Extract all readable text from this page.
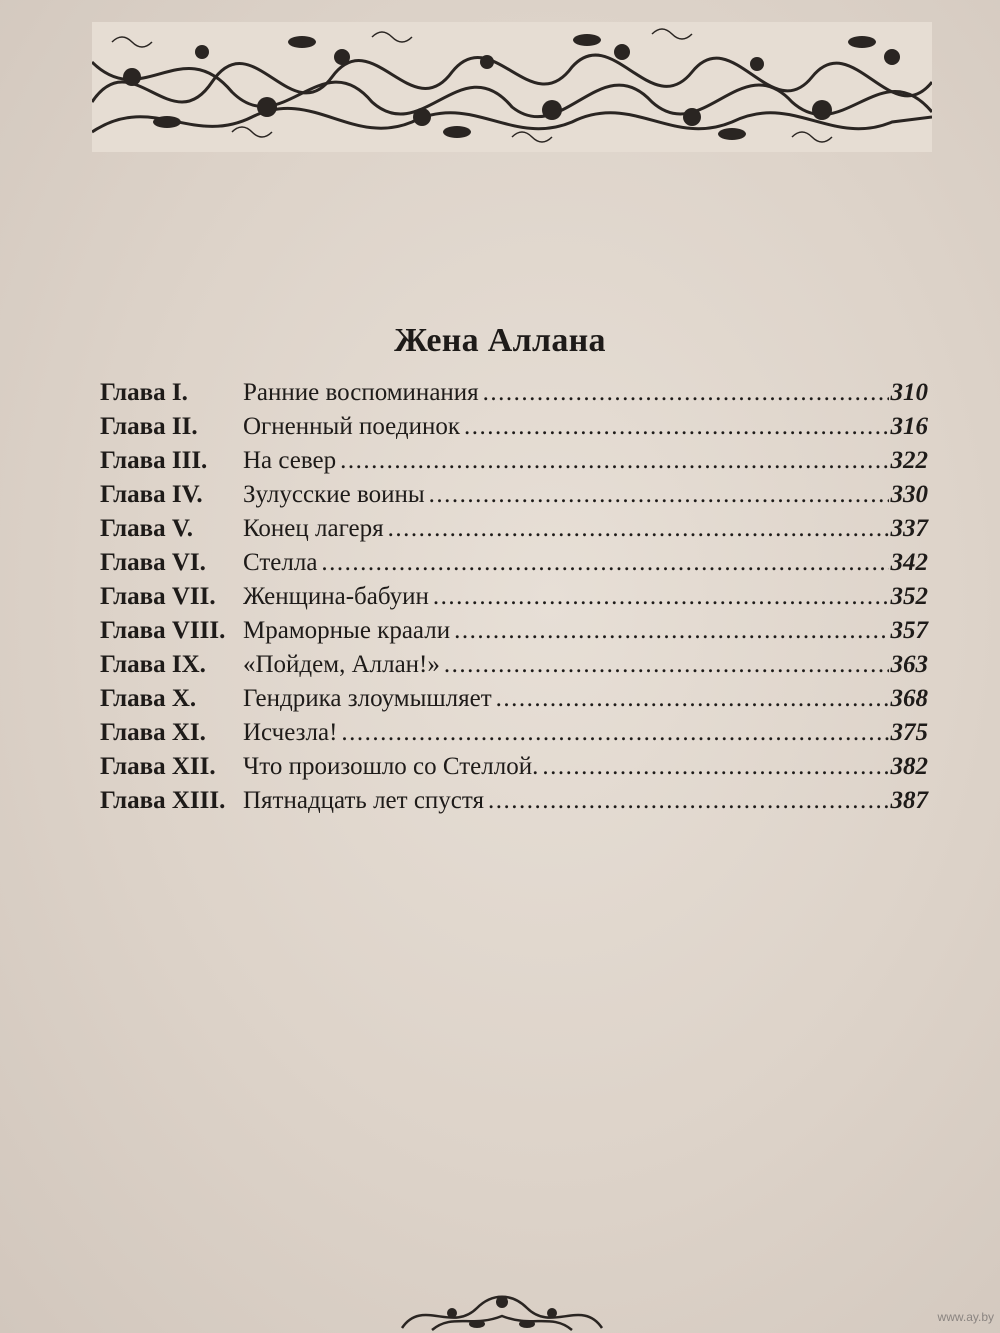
Жена Аллана
Глава I.	Ранние воспоминания .....	310
Глава II.	Огненный поединок .....	316
Глава III.	На север .....	322
Глава IV.	Зулусские воины .....	330
Глава V.	Конец лагеря .....	337
Глава VI.	Стелла .....	342
Глава VII.	Женщина-бабуин .....	352
Глава VIII. Мраморные краали .....	357
Глава IX.	«Пойдем, Аллан!» .....	363
Глава X.	Гендрика злоумышляет .....	368
Глава XI.	Исчезла! .....	375
Глава XII.	Что произошло со Стеллой. .....	382
Глава XIII. Пятнадцать лет спустя .....	387
www.ay.by
